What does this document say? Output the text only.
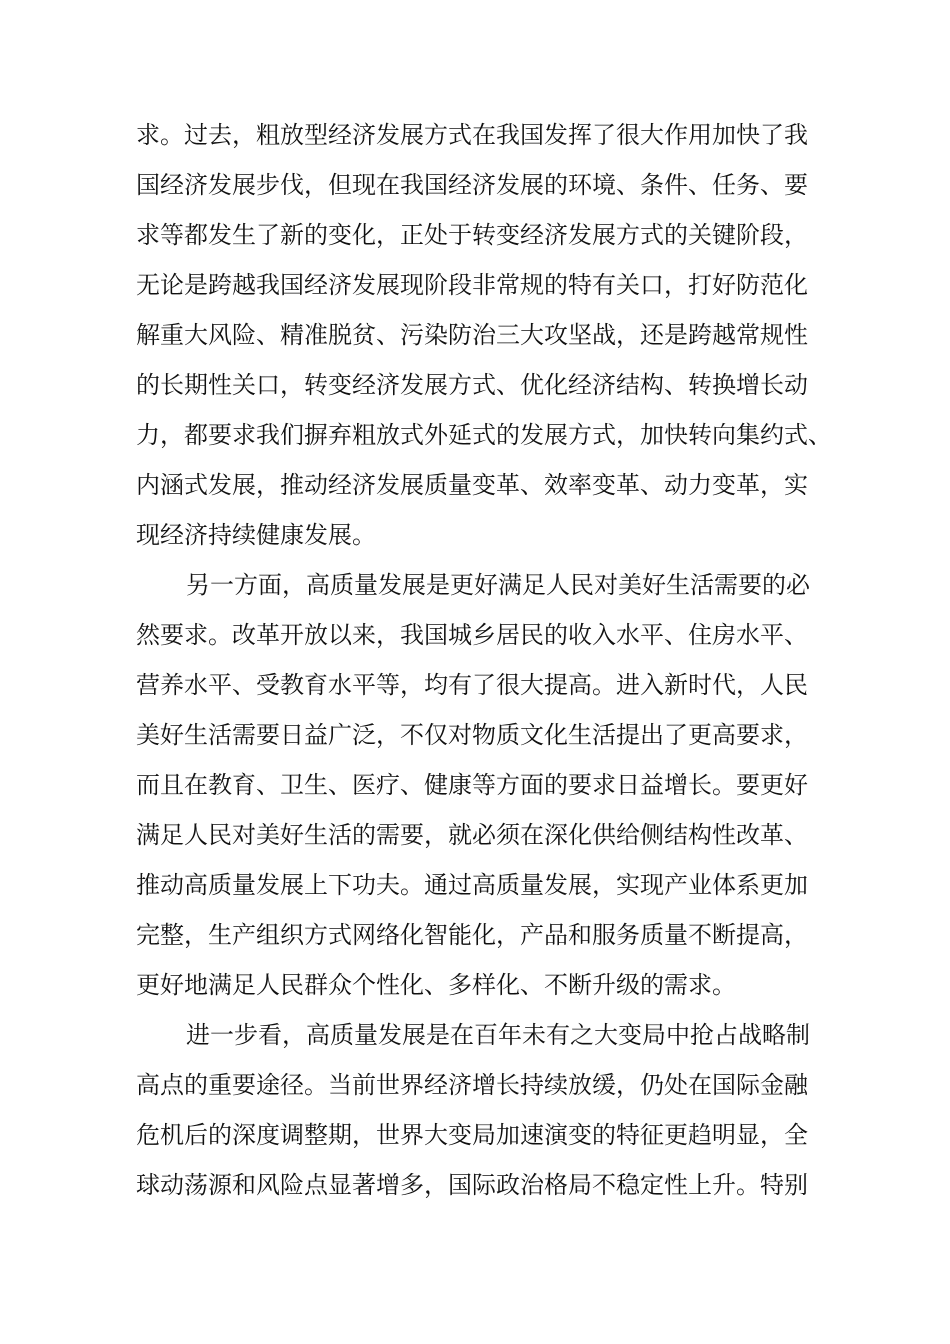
求。过去，粗放型经济发展方式在我国发挥了很大作用加快了我
国经济发展步伐，但现在我国经济发展的环境、条件、任务、要
求等都发生了新的变化，正处于转变经济发展方式的关键阶段，
无论是跨越我国经济发展现阶段非常规的特有关口，打好防范化
解重大风险、精准脱贫、污染防治三大攻坚战，还是跨越常规性
的长期性关口，转变经济发展方式、优化经济结构、转换增长动
力，都要求我们摒弃粗放式外延式的发展方式，加快转向集约式、
内涵式发展，推动经济发展质量变革、效率变革、动力变革，实
现经济持续健康发展。
另一方面，高质量发展是更好满足人民对美好生活需要的必
然要求。改革开放以来，我国城乡居民的收入水平、住房水平、
营养水平、受教育水平等，均有了很大提高。进入新时代，人民
美好生活需要日益广泛，不仅对物质文化生活提出了更高要求，
而且在教育、卫生、医疗、健康等方面的要求日益增长。要更好
满足人民对美好生活的需要，就必须在深化供给侧结构性改革、
推动高质量发展上下功夫。通过高质量发展，实现产业体系更加
完整，生产组织方式网络化智能化，产品和服务质量不断提高，
更好地满足人民群众个性化、多样化、不断升级的需求。
进一步看，高质量发展是在百年未有之大变局中抢占战略制
高点的重要途径。当前世界经济增长持续放缓，仍处在国际金融
危机后的深度调整期，世界大变局加速演变的特征更趋明显，全
球动荡源和风险点显著增多，国际政治格局不稳定性上升。特别
